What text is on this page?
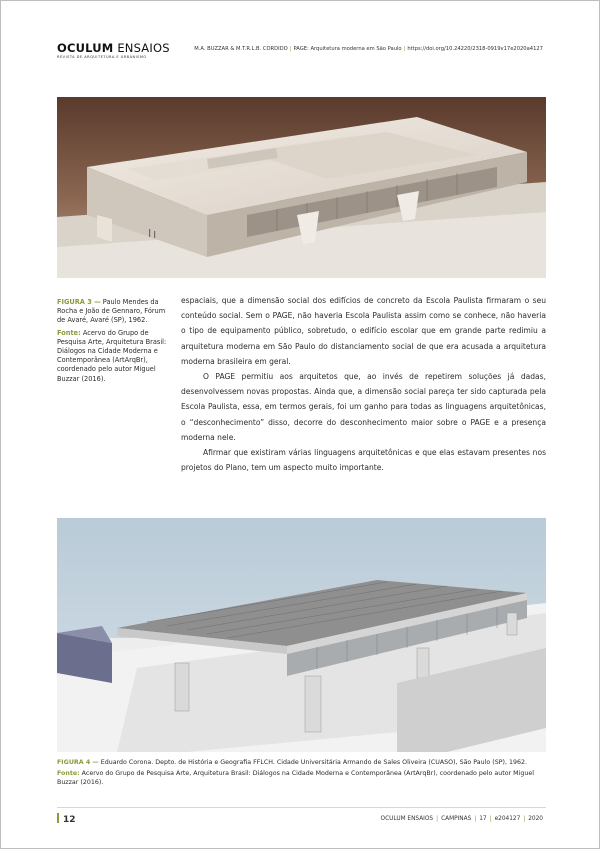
OCULUM ENSAIOS
REVISTA DE ARQUITETURA E URBANISMO
M.A. BUZZAR & M.T.R.L.B. CORDIDO | PAGE: Arquitetura moderna em São Paulo | https://doi.org/10.24220/2318-0919v17e2020a4127

FIGURA 3 — Paulo Mendes da Rocha e João de Gennaro, Fórum de Avaré, Avaré (SP), 1962.

Fonte: Acervo do Grupo de Pesquisa Arte, Arquitetura Brasil: Diálogos na Cidade Moderna e Contemporânea (ArtArqBr), coordenado pelo autor Miguel Buzzar (2016).

espaciais, que a dimensão social dos edifícios de concreto da Escola Paulista firmaram o seu conteúdo social. Sem o PAGE, não haveria Escola Paulista assim como se conhece, não haveria o tipo de equipamento público, sobretudo, o edifício escolar que em grande parte redimiu a arquitetura moderna em São Paulo do distanciamento social de que era acusada a arquitetura moderna brasileira em geral.

O PAGE permitiu aos arquitetos que, ao invés de repetirem soluções já dadas, desenvolvessem novas propostas. Ainda que, a dimensão social pareça ter sido capturada pela Escola Paulista, essa, em termos gerais, foi um ganho para todas as linguagens arquitetônicas, o “desconhecimento” disso, decorre do desconhecimento maior sobre o PAGE e a presença moderna nele.

Afirmar que existiram várias linguagens arquitetônicas e que elas estavam presentes nos projetos do Plano, tem um aspecto muito importante.

FIGURA 4 — Eduardo Corona. Depto. de História e Geografia FFLCH. Cidade Universitária Armando de Sales Oliveira (CUASO), São Paulo (SP), 1962.

Fonte: Acervo do Grupo de Pesquisa Arte, Arquitetura Brasil: Diálogos na Cidade Moderna e Contemporânea (ArtArqBr), coordenado pelo autor Miguel Buzzar (2016).

12	OCULUM ENSAIOS | CAMPINAS | 17 | e204127 | 2020
